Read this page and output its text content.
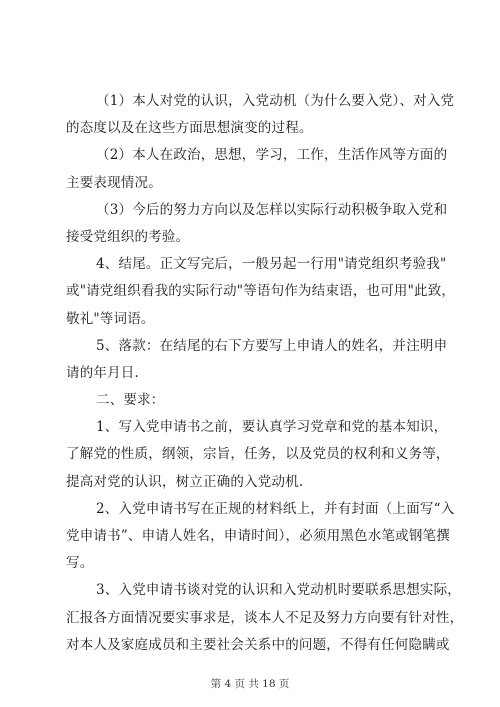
（1）本人对党的认识，入党动机（为什么要入党）、对入党
的态度以及在这些方面思想演变的过程。
（2）本人在政治，思想，学习，工作，生活作风等方面的
主要表现情况。
（3）今后的努力方向以及怎样以实际行动积极争取入党和
接受党组织的考验。
4、结尾。正文写完后，一般另起一行用"请党组织考验我"
或"请党组织看我的实际行动"等语句作为结束语，也可用"此致，
敬礼"等词语。
5、落款：在结尾的右下方要写上申请人的姓名，并注明申
请的年月日.
二、要求：
1、写入党申请书之前，要认真学习党章和党的基本知识，
了解党的性质，纲领，宗旨，任务，以及党员的权利和义务等，
提高对党的认识，树立正确的入党动机.
2、入党申请书写在正规的材料纸上，并有封面（上面写“入
党申请书”、申请人姓名，申请时间），必须用黑色水笔或钢笔撰
写。
3、入党申请书谈对党的认识和入党动机时要联系思想实际，
汇报各方面情况要实事求是，谈本人不足及努力方向要有针对性，
对本人及家庭成员和主要社会关系中的问题，不得有任何隐瞒或
第 4 页 共 18 页
